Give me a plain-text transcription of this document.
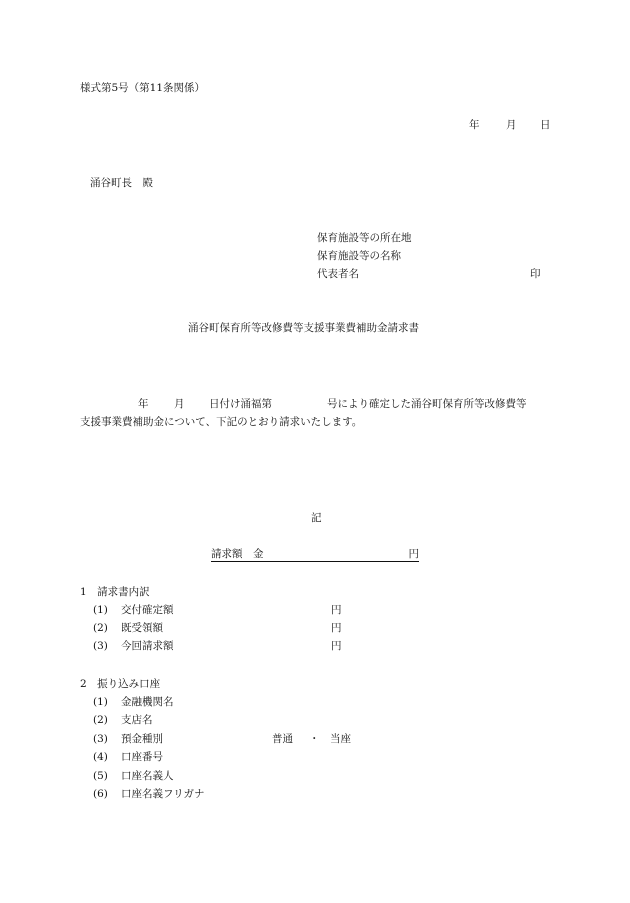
様式第5号（第11条関係）
年	月 日
涌谷町長　殿
保育施設等の所在地
保育施設等の名称
代表者名	印
涌谷町保育所等改修費等支援事業費補助金請求書
年 月 日付け涌福第	号により確定した涌谷町保育所等改修費等
支援事業費補助金について、下記のとおり請求いたします。
記
請求額　金	円
1　請求書内訳
(1) 交付確定額	円
(2) 既受領額	円
(3) 今回請求額	円
2　振り込み口座
(1) 金融機関名
(2) 支店名
(3) 預金種別	普通 ・ 当座
(4) 口座番号
(5) 口座名義人
(6) 口座名義フリガナ
